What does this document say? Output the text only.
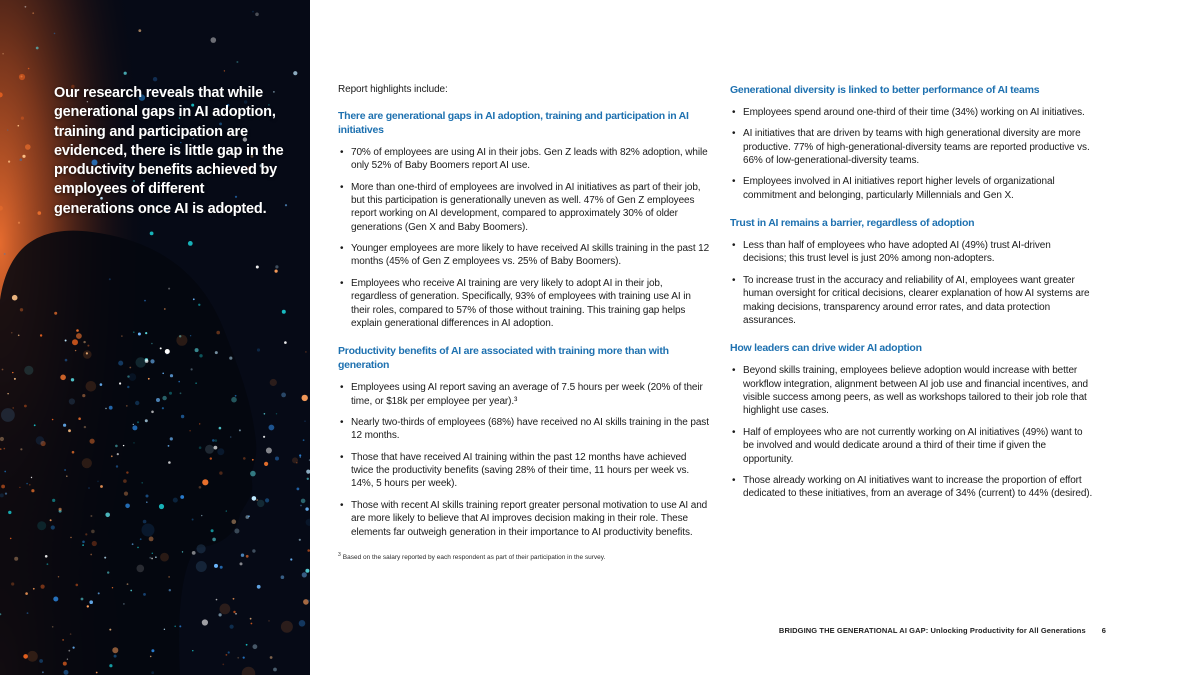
Our research reveals that while generational gaps in AI adoption, training and participation are evidenced, there is little gap in the productivity benefits achieved by employees of different generations once AI is adopted.

Report highlights include:

There are generational gaps in AI adoption, training and participation in AI initiatives
• 70% of employees are using AI in their jobs. Gen Z leads with 82% adoption, while only 52% of Baby Boomers report AI use.
• More than one-third of employees are involved in AI initiatives as part of their job, but this participation is generationally uneven as well. 47% of Gen Z employees report working on AI development, compared to approximately 30% of older generations (Gen X and Baby Boomers).
• Younger employees are more likely to have received AI skills training in the past 12 months (45% of Gen Z employees vs. 25% of Baby Boomers).
• Employees who receive AI training are very likely to adopt AI in their job, regardless of generation. Specifically, 93% of employees with training use AI in their roles, compared to 57% of those without training. This training gap helps explain generational differences in AI adoption.
Productivity benefits of AI are associated with training more than with generation
• Employees using AI report saving an average of 7.5 hours per week (20% of their time, or $18k per employee per year).³
• Nearly two-thirds of employees (68%) have received no AI skills training in the past 12 months.
• Those that have received AI training within the past 12 months have achieved twice the productivity benefits (saving 28% of their time, 11 hours per week vs. 14%, 5 hours per week).
• Those with recent AI skills training report greater personal motivation to use AI and are more likely to believe that AI improves decision making in their role. These elements far outweigh generation in their importance to AI productivity benefits.

$^3$ Based on the salary reported by each respondent as part of their participation in the survey.

Generational diversity is linked to better performance of AI teams
• Employees spend around one-third of their time (34%) working on AI initiatives.
• AI initiatives that are driven by teams with high generational diversity are more productive. 77% of high-generational-diversity teams are reported productive vs. 66% of low-generational-diversity teams.
• Employees involved in AI initiatives report higher levels of organizational commitment and belonging, particularly Millennials and Gen X.
Trust in AI remains a barrier, regardless of adoption
• Less than half of employees who have adopted AI (49%) trust AI-driven decisions; this trust level is just 20% among non-adopters.
• To increase trust in the accuracy and reliability of AI, employees want greater human oversight for critical decisions, clearer explanation of how AI systems are making decisions, transparency around error rates, and data protection assurances.
How leaders can drive wider AI adoption
• Beyond skills training, employees believe adoption would increase with better workflow integration, alignment between AI job use and financial incentives, and visible success among peers, as well as workshops tailored to their job role that highlight use cases.
• Half of employees who are not currently working on AI initiatives (49%) want to be involved and would dedicate around a third of their time if given the opportunity.
• Those already working on AI initiatives want to increase the proportion of effort dedicated to these initiatives, from an average of 34% (current) to 44% (desired).
BRIDGING THE GENERATIONAL AI GAP: Unlocking Productivity for All Generations 6
